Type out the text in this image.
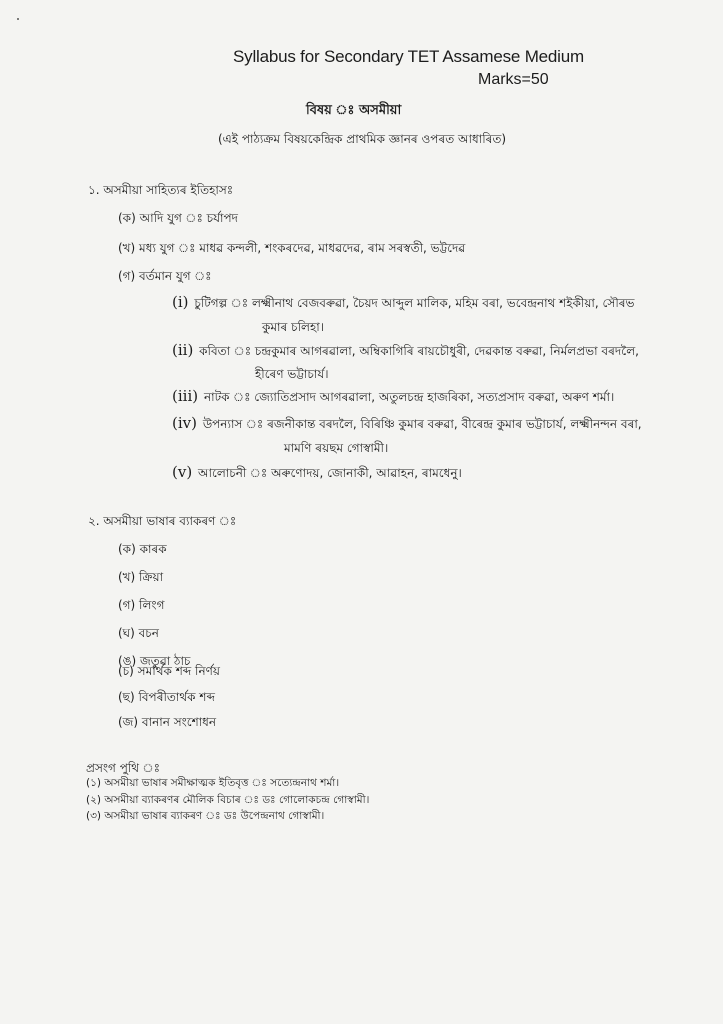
Syllabus for Secondary TET Assamese Medium
Marks=50
বিষয় ঃ অসমীয়া
(এই পাঠ্যক্ৰম বিষয়কেন্দ্ৰিক প্ৰাথমিক জ্ঞানৰ ওপৰত আধাৰিত)
১. অসমীয়া সাহিত্যৰ ইতিহাসঃ
(ক) আদি যুগ ঃ চৰ্যাপদ
(খ) মধ্য যুগ ঃ মাধৱ কন্দলী, শংকৰদেৱ, মাধৱদেৱ, ৰাম সৰস্বতী, ভট্টদেৱ
(গ) বৰ্তমান যুগ ঃ
(i) চুটিগল্প ঃ লক্ষ্মীনাথ বেজবৰুৱা, চৈয়দ আব্দুল মালিক, মহিম বৰা, ভবেন্দ্ৰনাথ শইকীয়া, সৌৰভ
কুমাৰ চলিহা।
(ii) কবিতা ঃ চন্দ্ৰকুমাৰ আগৰৱালা, অম্বিকাগিৰি ৰায়চৌধুৰী, দেৱকান্ত বৰুৱা, নিৰ্মলপ্ৰভা বৰদলৈ,
হীৰেণ ভট্টাচাৰ্য।
(iii) নাটক ঃ জ্যোতিপ্ৰসাদ আগৰৱালা, অতুলচন্দ্ৰ হাজৰিকা, সত্যপ্ৰসাদ বৰুৱা, অৰুণ শৰ্মা।
(iv) উপন্যাস ঃ ৰজনীকান্ত বৰদলৈ, বিৰিঞ্চি কুমাৰ বৰুৱা, বীৰেন্দ্ৰ কুমাৰ ভট্টাচাৰ্য, লক্ষ্মীনন্দন বৰা,
মামণি ৰয়ছম গোস্বামী।
(v) আলোচনী ঃ অৰুণোদয়, জোনাকী, আৱাহন, ৰামধেনু।
২. অসমীয়া ভাষাৰ ব্যাকৰণ ঃ
(ক) কাৰক
(খ) ক্ৰিয়া
(গ) লিংগ
(ঘ) বচন
(ঙ) জতুৱা ঠাচ
(চ) সমাৰ্থক শব্দ নিৰ্ণয়
(ছ) বিপৰীতাৰ্থক শব্দ
(জ) বানান সংশোধন
প্ৰসংগ পুথি ঃ
(১) অসমীয়া ভাষাৰ সমীক্ষাত্মক ইতিবৃত্ত ঃ সত্যেন্দ্ৰনাথ শৰ্মা।
(২) অসমীয়া ব্যাকৰণৰ মৌলিক বিচাৰ ঃ ডঃ গোলোকচন্দ্ৰ গোস্বামী।
(৩) অসমীয়া ভাষাৰ ব্যাকৰণ ঃ ডঃ উপেন্দ্ৰনাথ গোস্বামী।
